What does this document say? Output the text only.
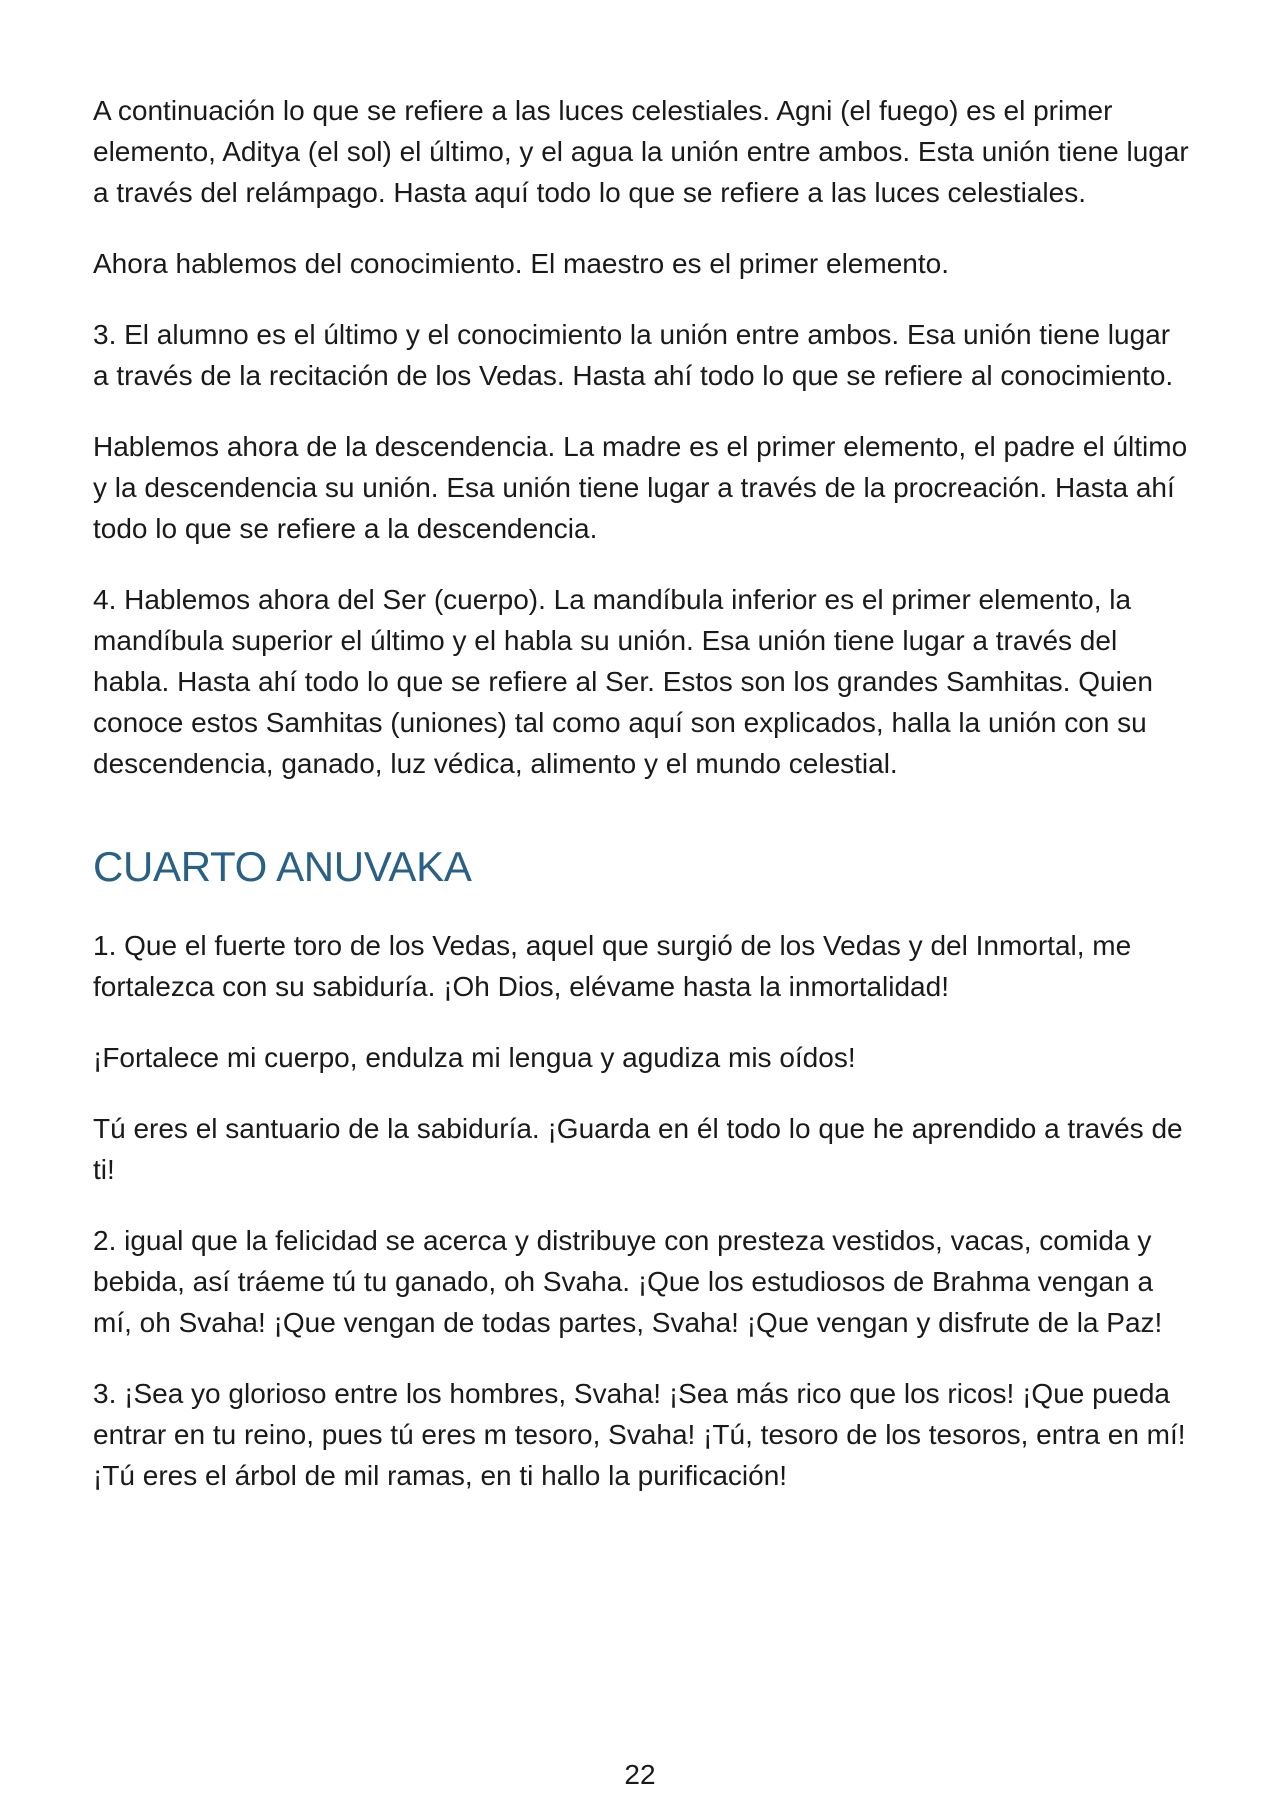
A continuación lo que se refiere a las luces celestiales. Agni (el fuego) es el primer elemento, Aditya (el sol) el último, y el agua la unión entre ambos. Esta unión tiene lugar a través del relámpago. Hasta aquí todo lo que se refiere a las luces celestiales.

Ahora hablemos del conocimiento. El maestro es el primer elemento.

3. El alumno es el último y el conocimiento la unión entre ambos. Esa unión tiene lugar a través de la recitación de los Vedas. Hasta ahí todo lo que se refiere al conocimiento.

Hablemos ahora de la descendencia. La madre es el primer elemento, el padre el último y la descendencia su unión. Esa unión tiene lugar a través de la procreación. Hasta ahí todo lo que se refiere a la descendencia.

4. Hablemos ahora del Ser (cuerpo). La mandíbula inferior es el primer elemento, la mandíbula superior el último y el habla su unión. Esa unión tiene lugar a través del habla. Hasta ahí todo lo que se refiere al Ser. Estos son los grandes Samhitas. Quien conoce estos Samhitas (uniones) tal como aquí son explicados, halla la unión con su descendencia, ganado, luz védica, alimento y el mundo celestial.

CUARTO ANUVAKA

1. Que el fuerte toro de los Vedas, aquel que surgió de los Vedas y del Inmortal, me fortalezca con su sabiduría. ¡Oh Dios, elévame hasta la inmortalidad!

¡Fortalece mi cuerpo, endulza mi lengua y agudiza mis oídos!

Tú eres el santuario de la sabiduría. ¡Guarda en él todo lo que he aprendido a través de ti!

2. igual que la felicidad se acerca y distribuye con presteza vestidos, vacas, comida y bebida, así tráeme tú tu ganado, oh Svaha. ¡Que los estudiosos de Brahma vengan a mí, oh Svaha! ¡Que vengan de todas partes, Svaha! ¡Que vengan y disfrute de la Paz!

3. ¡Sea yo glorioso entre los hombres, Svaha! ¡Sea más rico que los ricos! ¡Que pueda entrar en tu reino, pues tú eres m tesoro, Svaha! ¡Tú, tesoro de los tesoros, entra en mí! ¡Tú eres el árbol de mil ramas, en ti hallo la purificación!

22
